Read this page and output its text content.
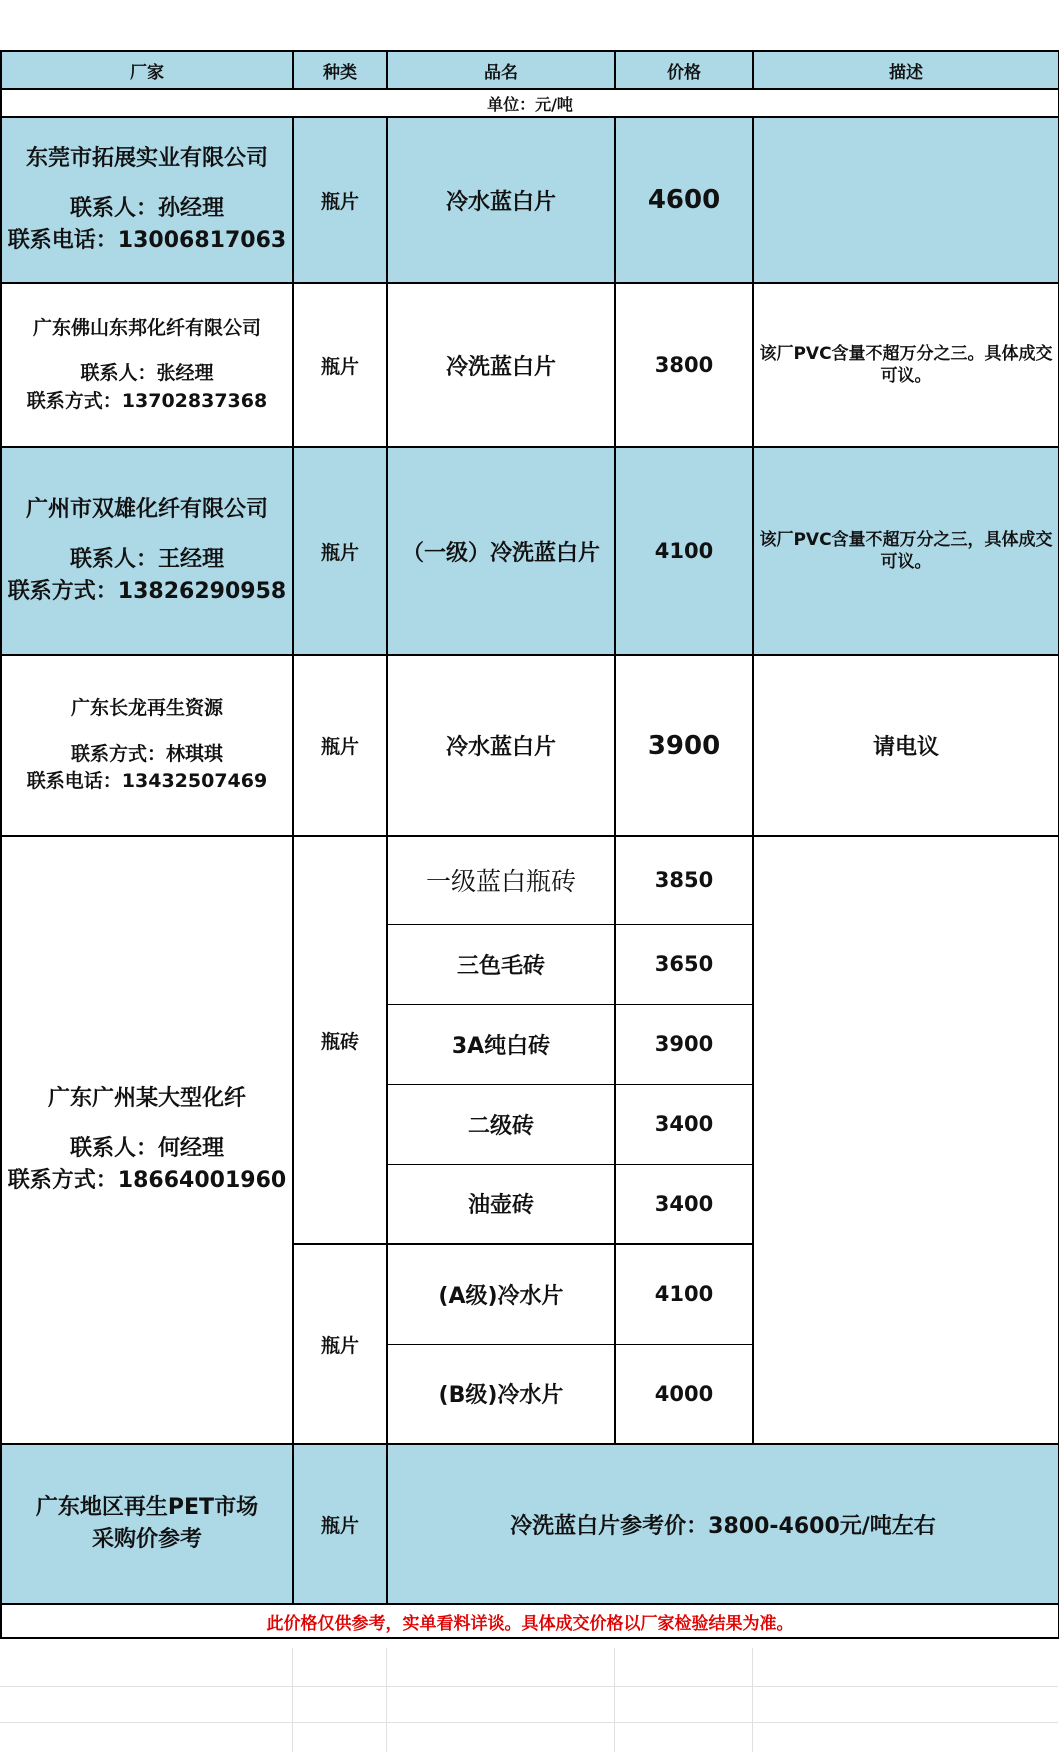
厂家	种类	品名	价格	描述
单位：元/吨				

东莞市拓展实业有限公司
联系人：孙经理
联系电话：13006817063	瓶片	冷水蓝白片	4600	

广东佛山东邦化纤有限公司
联系人：张经理
联系方式：13702837368	瓶片	冷洗蓝白片	3800	该厂PVC含量不超万分之三。具体成交可议。

广州市双雄化纤有限公司
联系人：王经理
联系方式：13826290958	瓶片	（一级）冷洗蓝白片	4100	该厂PVC含量不超万分之三，具体成交可议。

广东长龙再生资源
联系方式：林琪琪
联系电话：13432507469	瓶片	冷水蓝白片	3900	请电议

广东广州某大型化纤
联系人：何经理
联系方式：18664001960	瓶砖	一级蓝白瓶砖	3850	
		三色毛砖	3650	
		3A纯白砖	3900	
		二级砖	3400	
		油壶砖	3400	
	瓶片	(A级)冷水片	4100	
		(B级)冷水片	4000	

广东地区再生PET市场
采购价参考	瓶片	冷洗蓝白片参考价：3800-4600元/吨左右		
此价格仅供参考，实单看料详谈。具体成交价格以厂家检验结果为准。				
